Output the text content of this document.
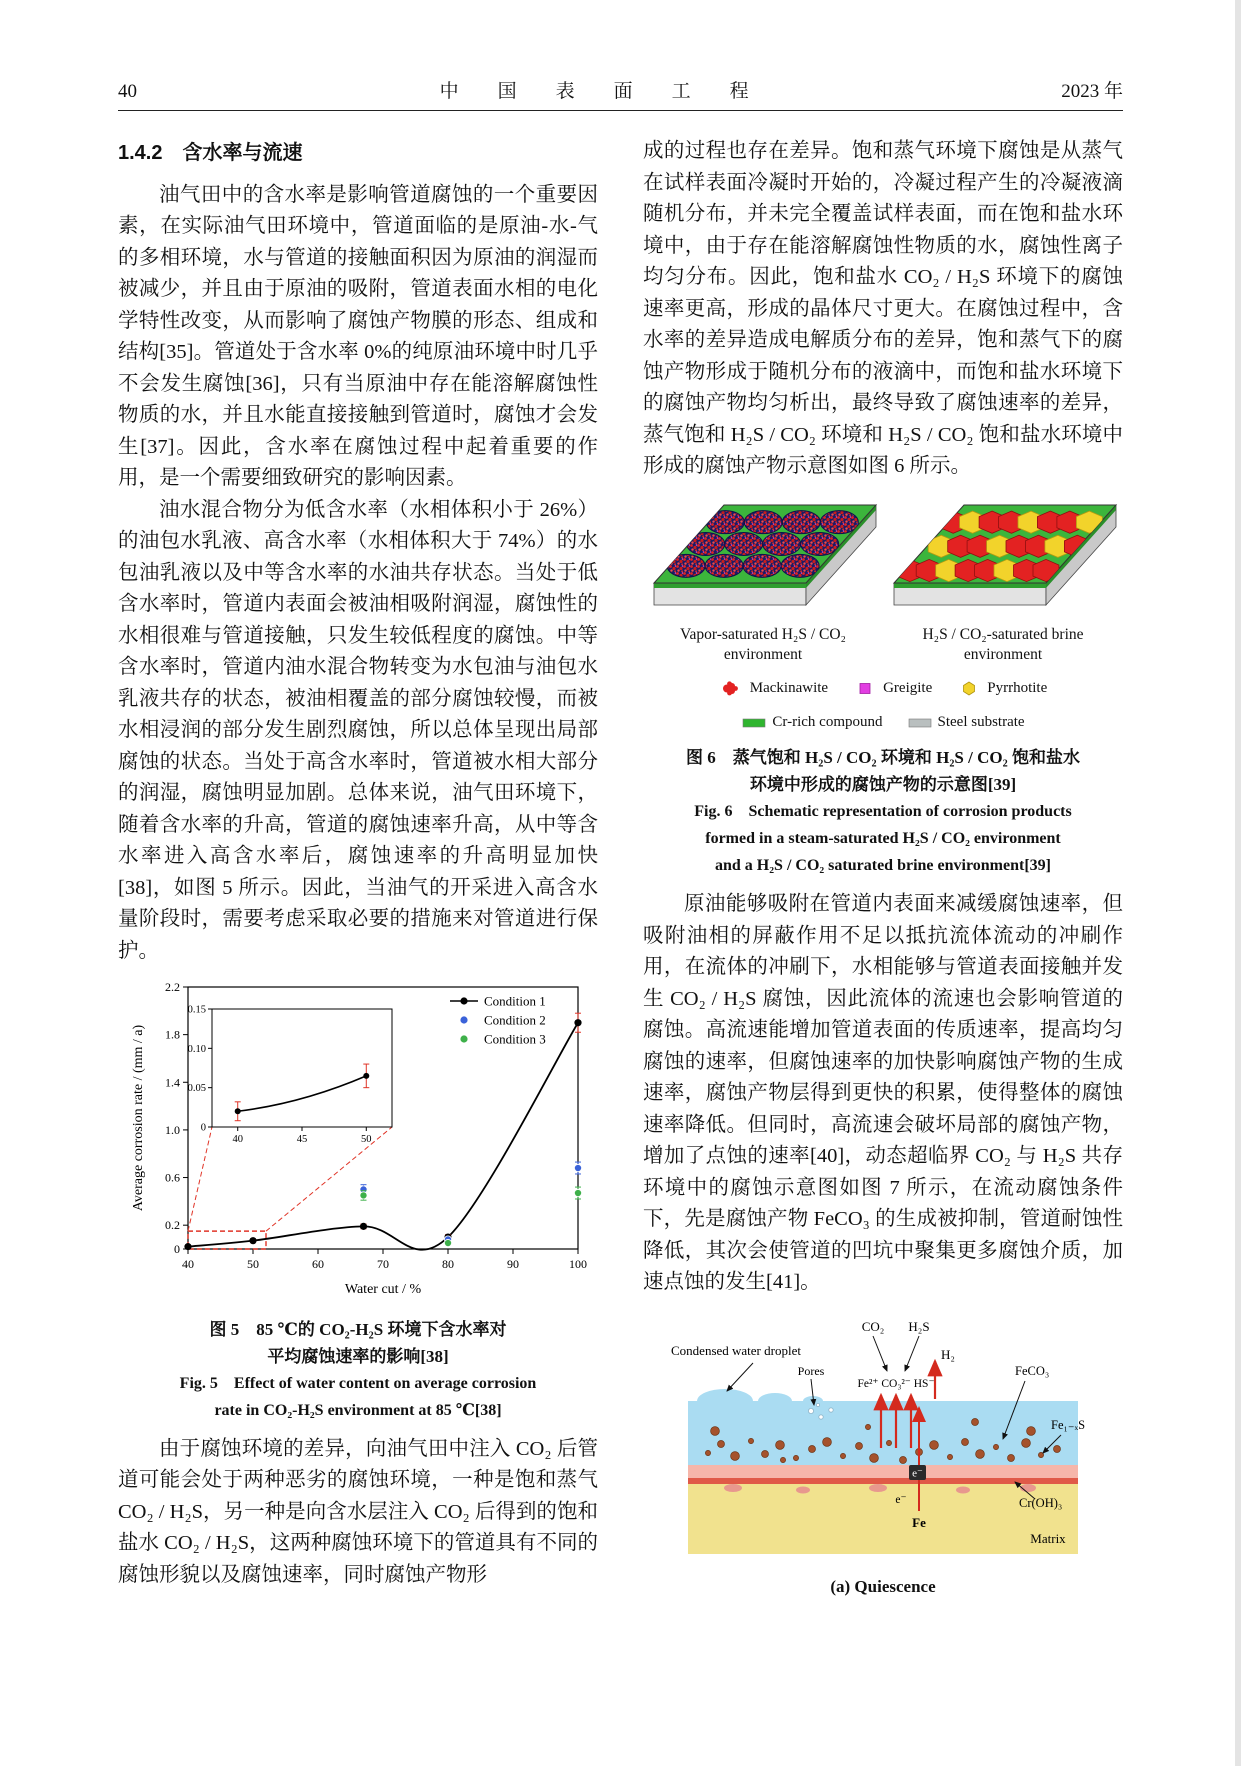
40	中　国　表　面　工　程	2023 年
1.4.2　含水率与流速

油气田中的含水率是影响管道腐蚀的一个重要因素，在实际油气田环境中，管道面临的是原油-水-气的多相环境，水与管道的接触面积因为原油的润湿而被减少，并且由于原油的吸附，管道表面水相的电化学特性改变，从而影响了腐蚀产物膜的形态、组成和结构[35]。管道处于含水率 0%的纯原油环境中时几乎不会发生腐蚀[36]，只有当原油中存在能溶解腐蚀性物质的水，并且水能直接接触到管道时，腐蚀才会发生[37]。因此，含水率在腐蚀过程中起着重要的作用，是一个需要细致研究的影响因素。

油水混合物分为低含水率（水相体积小于 26%）的油包水乳液、高含水率（水相体积大于 74%）的水包油乳液以及中等含水率的水油共存状态。当处于低含水率时，管道内表面会被油相吸附润湿，腐蚀性的水相很难与管道接触，只发生较低程度的腐蚀。中等含水率时，管道内油水混合物转变为水包油与油包水乳液共存的状态，被油相覆盖的部分腐蚀较慢，而被水相浸润的部分发生剧烈腐蚀，所以总体呈现出局部腐蚀的状态。当处于高含水率时，管道被水相大部分的润湿，腐蚀明显加剧。总体来说，油气田环境下，随着含水率的升高，管道的腐蚀速率升高，从中等含水率进入高含水率后，腐蚀速率的升高明显加快[38]，如图 5 所示。因此，当油气的开采进入高含水量阶段时，需要考虑采取必要的措施来对管道进行保护。

40	50	60	70	80	90	100
0
0.2
0.6
1.0
1.4
1.8
2.2
Water cut / %
Average corrosion rate / (mm / a)
Condition 1
Condition 2
Condition 3
40	45	50
0
0.05
0.10
0.15
图 5　85 ℃的 CO₂-H₂S 环境下含水率对
平均腐蚀速率的影响[38]
Fig. 5　Effect of water content on average corrosion
rate in CO₂-H₂S environment at 85 ℃[38]

由于腐蚀环境的差异，向油气田中注入 CO₂ 后管道可能会处于两种恶劣的腐蚀环境，一种是饱和蒸气 CO₂ / H₂S，另一种是向含水层注入 CO₂ 后得到的饱和盐水 CO₂ / H₂S，这两种腐蚀环境下的管道具有不同的腐蚀形貌以及腐蚀速率，同时腐蚀产物形

成的过程也存在差异。饱和蒸气环境下腐蚀是从蒸气在试样表面冷凝时开始的，冷凝过程产生的冷凝液滴随机分布，并未完全覆盖试样表面，而在饱和盐水环境中，由于存在能溶解腐蚀性物质的水，腐蚀性离子均匀分布。因此，饱和盐水 CO₂ / H₂S 环境下的腐蚀速率更高，形成的晶体尺寸更大。在腐蚀过程中，含水率的差异造成电解质分布的差异，饱和蒸气下的腐蚀产物形成于随机分布的液滴中，而饱和盐水环境下的腐蚀产物均匀析出，最终导致了腐蚀速率的差异，蒸气饱和 H₂S / CO₂ 环境和 H₂S / CO₂ 饱和盐水环境中形成的腐蚀产物示意图如图 6 所示。

Vapor-saturated H₂S / CO₂
environment
H₂S / CO₂-saturated brine
environment
Mackinawite	Greigite	Pyrrhotite
Cr-rich compound	Steel substrate
图 6　蒸气饱和 H₂S / CO₂ 环境和 H₂S / CO₂ 饱和盐水
环境中形成的腐蚀产物的示意图[39]
Fig. 6　Schematic representation of corrosion products
formed in a steam-saturated H₂S / CO₂ environment
and a H₂S / CO₂ saturated brine environment[39]

原油能够吸附在管道内表面来减缓腐蚀速率，但吸附油相的屏蔽作用不足以抵抗流体流动的冲刷作用，在流体的冲刷下，水相能够与管道表面接触并发生 CO₂ / H₂S 腐蚀，因此流体的流速也会影响管道的腐蚀。高流速能增加管道表面的传质速率，提高均匀腐蚀的速率，但腐蚀速率的加快影响腐蚀产物的生成速率，腐蚀产物层得到更快的积累，使得整体的腐蚀速率降低。但同时，高流速会破坏局部的腐蚀产物，增加了点蚀的速率[40]，动态超临界 CO₂ 与 H₂S 共存环境中的腐蚀示意图如图 7 所示，在流动腐蚀条件下，先是腐蚀产物 FeCO₃ 的生成被抑制，管道耐蚀性降低，其次会使管道的凹坑中聚集更多腐蚀介质，加速点蚀的发生[41]。

CO₂ H₂S
H₂
Fe²⁺ CO₃²⁻ HS⁻
Condensed water droplet
Pores	FeCO₃
Fe₁₋ₓS
Cr(OH)₃
e⁻
e⁻
Fe
Matrix
(a) Quiescence
